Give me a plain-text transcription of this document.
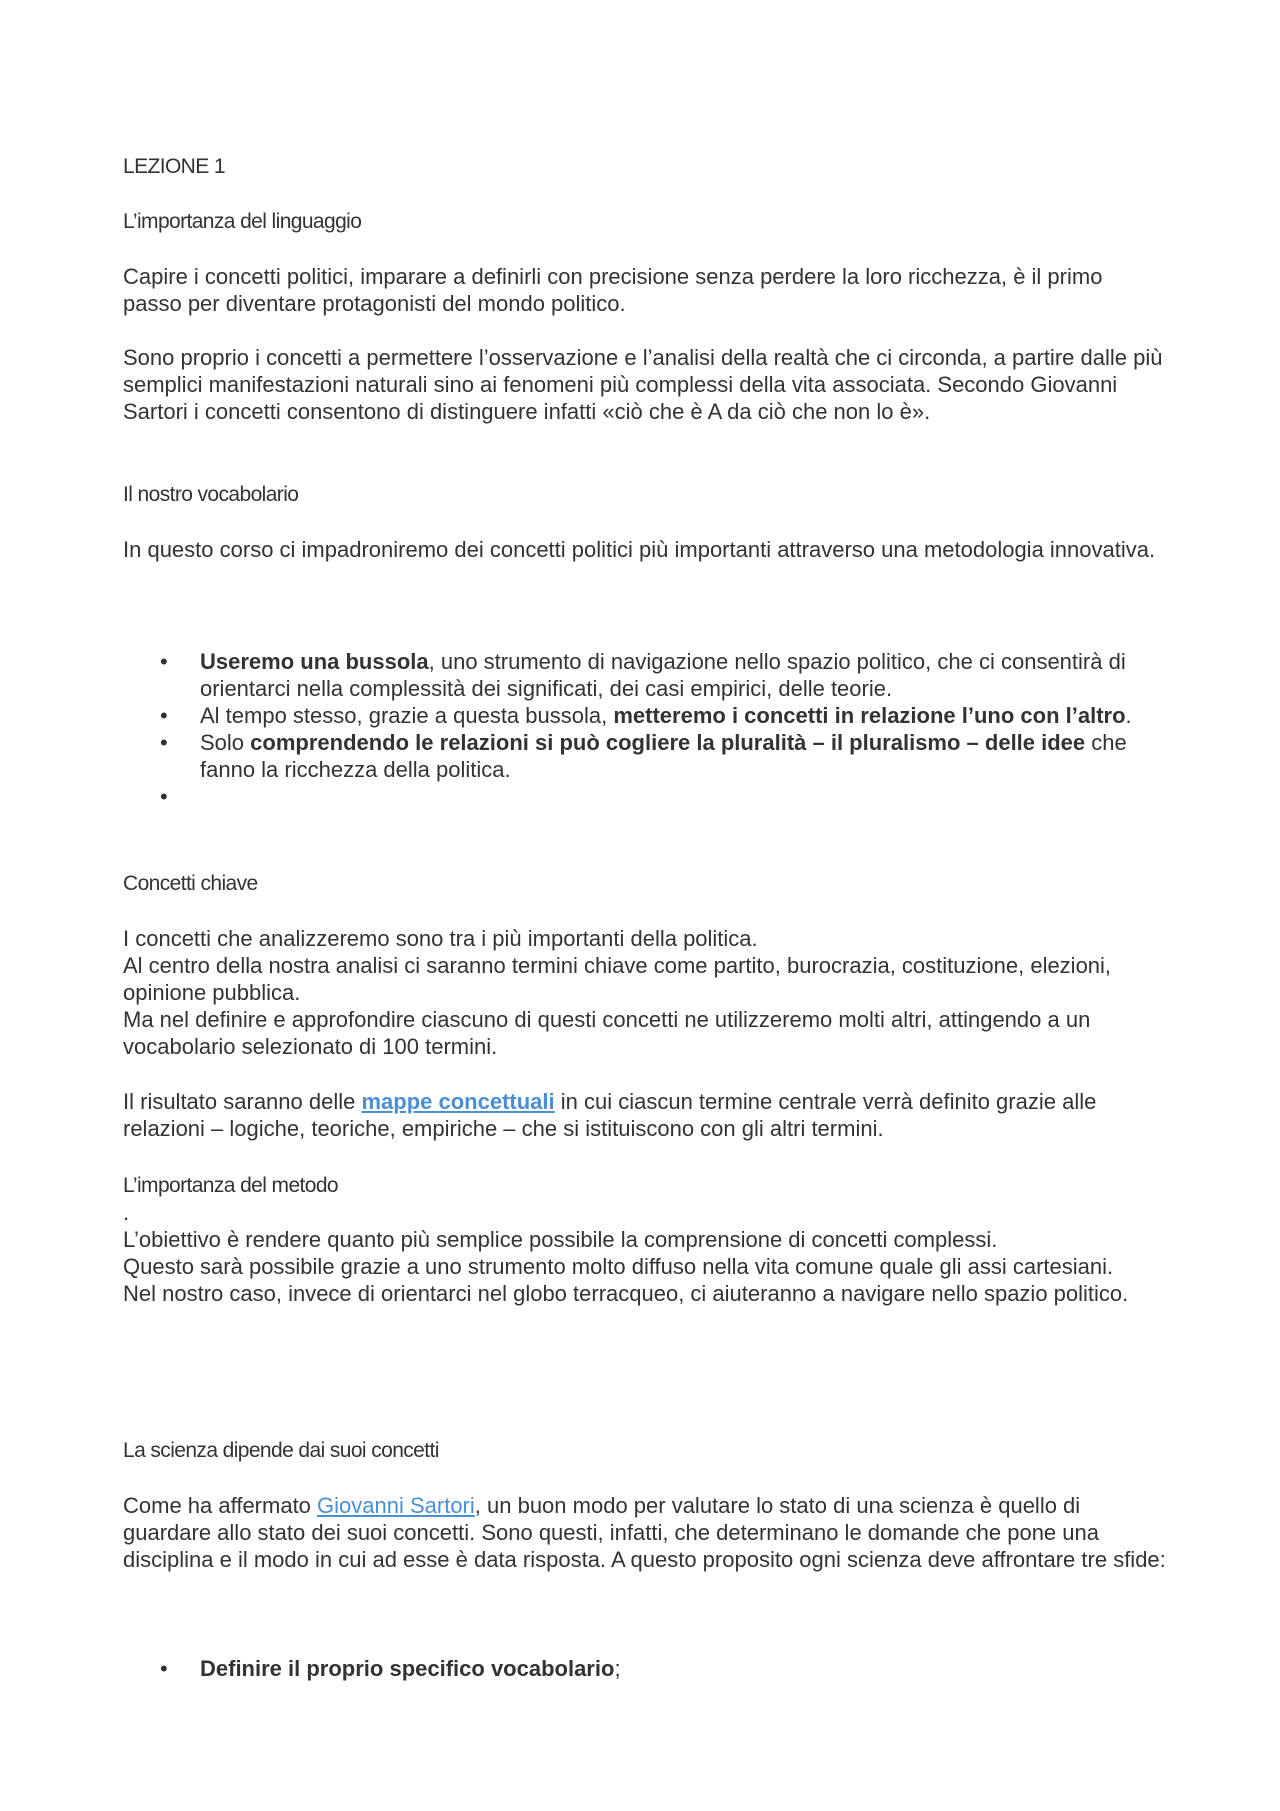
LEZIONE 1

L’importanza del linguaggio

Capire i concetti politici, imparare a definirli con precisione senza perdere la loro ricchezza, è il primo passo per diventare protagonisti del mondo politico.

Sono proprio i concetti a permettere l’osservazione e l’analisi della realtà che ci circonda, a partire dalle più semplici manifestazioni naturali sino ai fenomeni più complessi della vita associata. Secondo Giovanni Sartori i concetti consentono di distinguere infatti «ciò che è A da ciò che non lo è».

Il nostro vocabolario

In questo corso ci impadroniremo dei concetti politici più importanti attraverso una metodologia innovativa.

• Useremo una bussola, uno strumento di navigazione nello spazio politico, che ci consentirà di orientarci nella complessità dei significati, dei casi empirici, delle teorie.
• Al tempo stesso, grazie a questa bussola, metteremo i concetti in relazione l’uno con l’altro.
• Solo comprendendo le relazioni si può cogliere la pluralità – il pluralismo – delle idee che fanno la ricchezza della politica.
•

Concetti chiave

I concetti che analizzeremo sono tra i più importanti della politica.

Al centro della nostra analisi ci saranno termini chiave come partito, burocrazia, costituzione, elezioni, opinione pubblica.

Ma nel definire e approfondire ciascuno di questi concetti ne utilizzeremo molti altri, attingendo a un vocabolario selezionato di 100 termini.

Il risultato saranno delle mappe concettuali in cui ciascun termine centrale verrà definito grazie alle relazioni – logiche, teoriche, empiriche – che si istituiscono con gli altri termini.

L’importanza del metodo

.

L’obiettivo è rendere quanto più semplice possibile la comprensione di concetti complessi.

Questo sarà possibile grazie a uno strumento molto diffuso nella vita comune quale gli assi cartesiani.

Nel nostro caso, invece di orientarci nel globo terracqueo, ci aiuteranno a navigare nello spazio politico.

La scienza dipende dai suoi concetti

Come ha affermato Giovanni Sartori, un buon modo per valutare lo stato di una scienza è quello di guardare allo stato dei suoi concetti. Sono questi, infatti, che determinano le domande che pone una disciplina e il modo in cui ad esse è data risposta. A questo proposito ogni scienza deve affrontare tre sfide:

• Definire il proprio specifico vocabolario;
